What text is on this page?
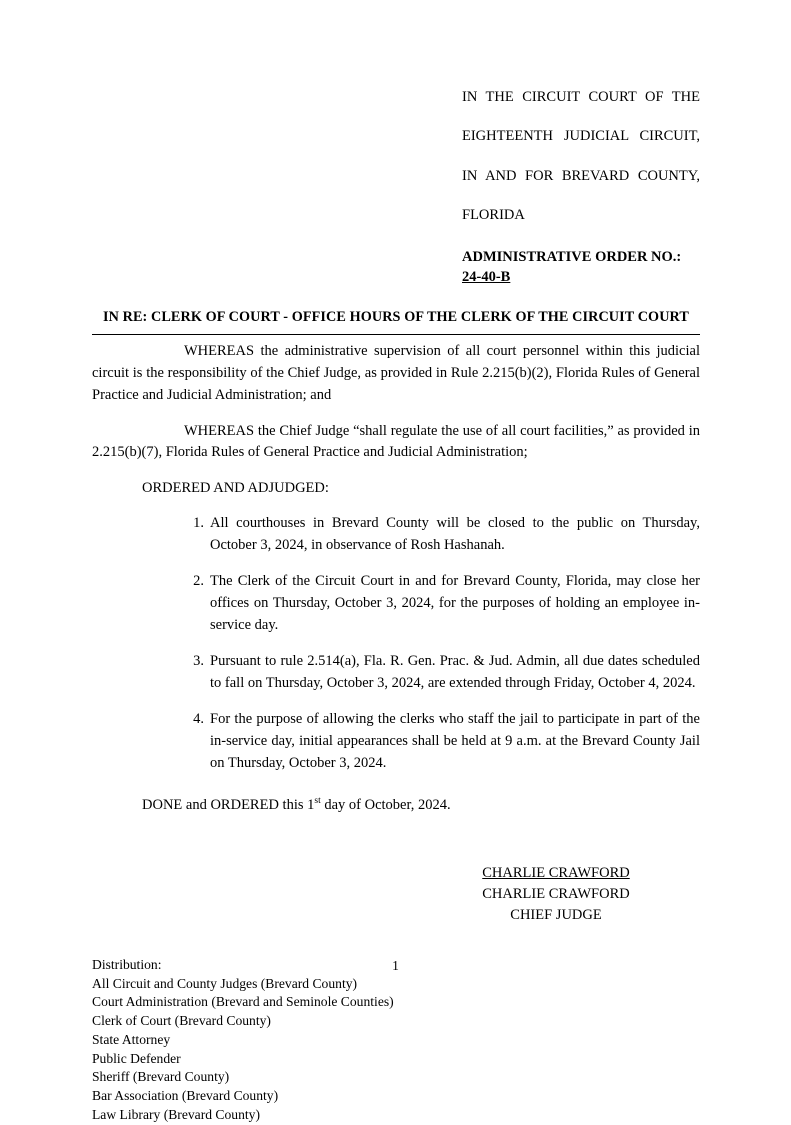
IN THE CIRCUIT COURT OF THE
EIGHTEENTH JUDICIAL CIRCUIT,
IN AND FOR BREVARD COUNTY,
FLORIDA
ADMINISTRATIVE ORDER NO.:
24-40-B
IN RE: CLERK OF COURT - OFFICE HOURS OF THE CLERK OF THE CIRCUIT COURT

WHEREAS the administrative supervision of all court personnel within this judicial circuit is the responsibility of the Chief Judge, as provided in Rule 2.215(b)(2), Florida Rules of General Practice and Judicial Administration; and

WHEREAS the Chief Judge “shall regulate the use of all court facilities,” as provided in 2.215(b)(7), Florida Rules of General Practice and Judicial Administration;

ORDERED AND ADJUDGED:

1. All courthouses in Brevard County will be closed to the public on Thursday, October 3, 2024, in observance of Rosh Hashanah.
2. The Clerk of the Circuit Court in and for Brevard County, Florida, may close her offices on Thursday, October 3, 2024, for the purposes of holding an employee in-service day.
3. Pursuant to rule 2.514(a), Fla. R. Gen. Prac. & Jud. Admin, all due dates scheduled to fall on Thursday, October 3, 2024, are extended through Friday, October 4, 2024.
4. For the purpose of allowing the clerks who staff the jail to participate in part of the in-service day, initial appearances shall be held at 9 a.m. at the Brevard County Jail on Thursday, October 3, 2024.

DONE and ORDERED this 1st day of October, 2024.

CHARLIE CRAWFORD
CHARLIE CRAWFORD
CHIEF JUDGE
Distribution:
All Circuit and County Judges (Brevard County)
Court Administration (Brevard and Seminole Counties)
Clerk of Court (Brevard County)
State Attorney
Public Defender
Sheriff (Brevard County)
Bar Association (Brevard County)
Law Library (Brevard County)
1
